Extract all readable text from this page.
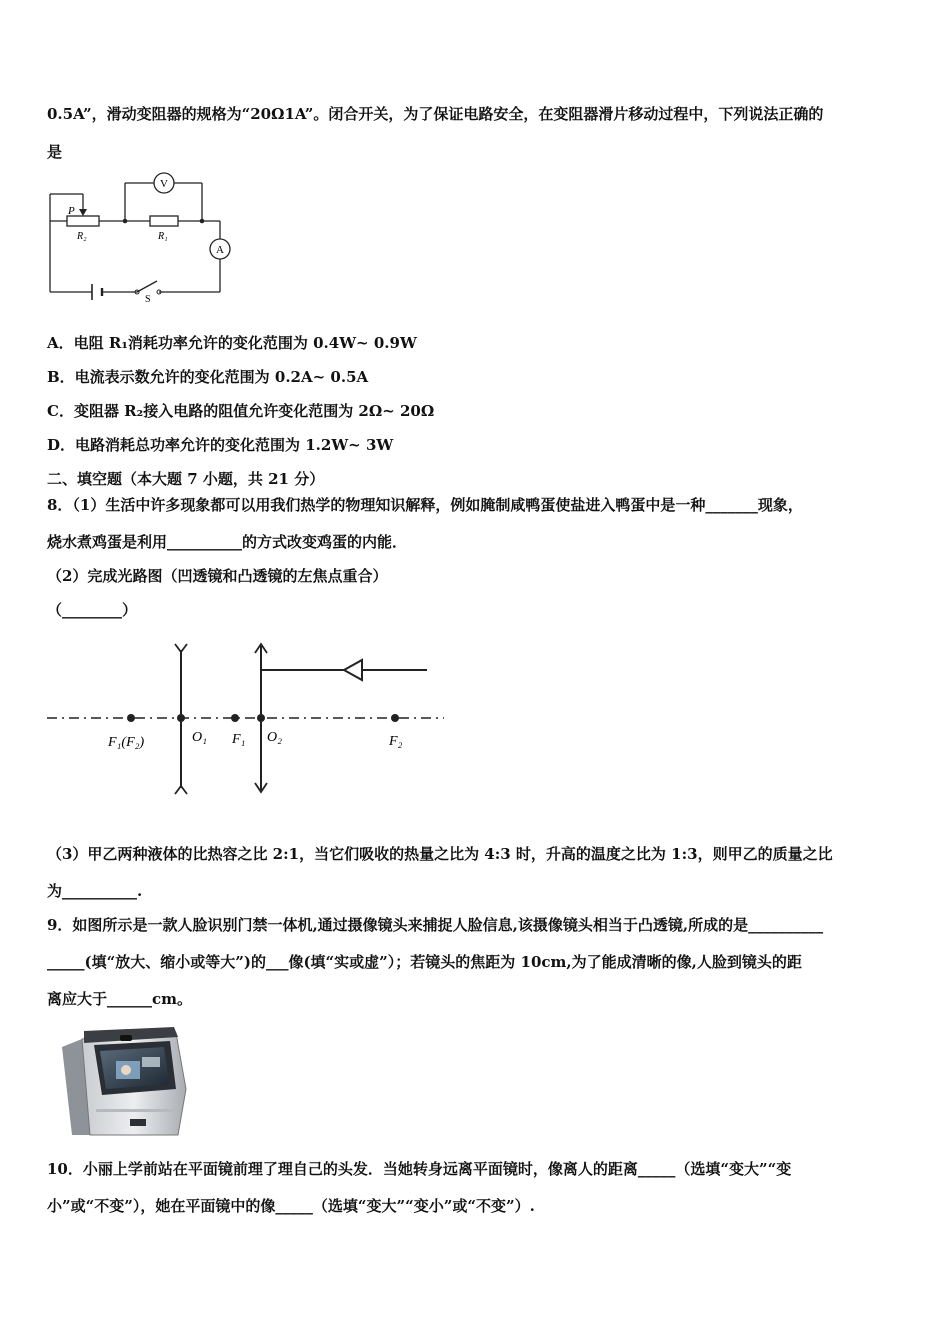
0.5A”，滑动变阻器的规格为“20Ω1A”。闭合开关，为了保证电路安全，在变阻器滑片移动过程中，下列说法正确的
是
P
R₂	R₁
V
A
S
A．电阻 R₁消耗功率允许的变化范围为 0.4W~ 0.9W
B．电流表示数允许的变化范围为 0.2A~ 0.5A
C．变阻器 R₂接入电路的阻值允许变化范围为 2Ω~ 20Ω
D．电路消耗总功率允许的变化范围为 1.2W~ 3W
二、填空题（本大题 7 小题，共 21 分）
8．（1）生活中许多现象都可以用我们热学的物理知识解释，例如腌制咸鸭蛋使盐进入鸭蛋中是一种_______现象，
烧水煮鸡蛋是利用__________的方式改变鸡蛋的内能．
（2）完成光路图（凹透镜和凸透镜的左焦点重合）
（________）
F₁(F₂)	O₁ F₁ O₂	F₂
（3）甲乙两种液体的比热容之比 2:1，当它们吸收的热量之比为 4:3 时，升高的温度之比为 1:3，则甲乙的质量之比
为__________.
9．如图所示是一款人脸识别门禁一体机,通过摄像镜头来捕捉人脸信息,该摄像镜头相当于凸透镜,所成的是__________
_____(填“放大、缩小或等大”)的___像(填“实或虚”）；若镜头的焦距为 10cm,为了能成清晰的像,人脸到镜头的距
离应大于______cm。
10．小丽上学前站在平面镜前理了理自己的头发．当她转身远离平面镜时，像离人的距离_____（选填“变大”“变
小”或“不变”），她在平面镜中的像_____（选填“变大”“变小”或“不变”）.
